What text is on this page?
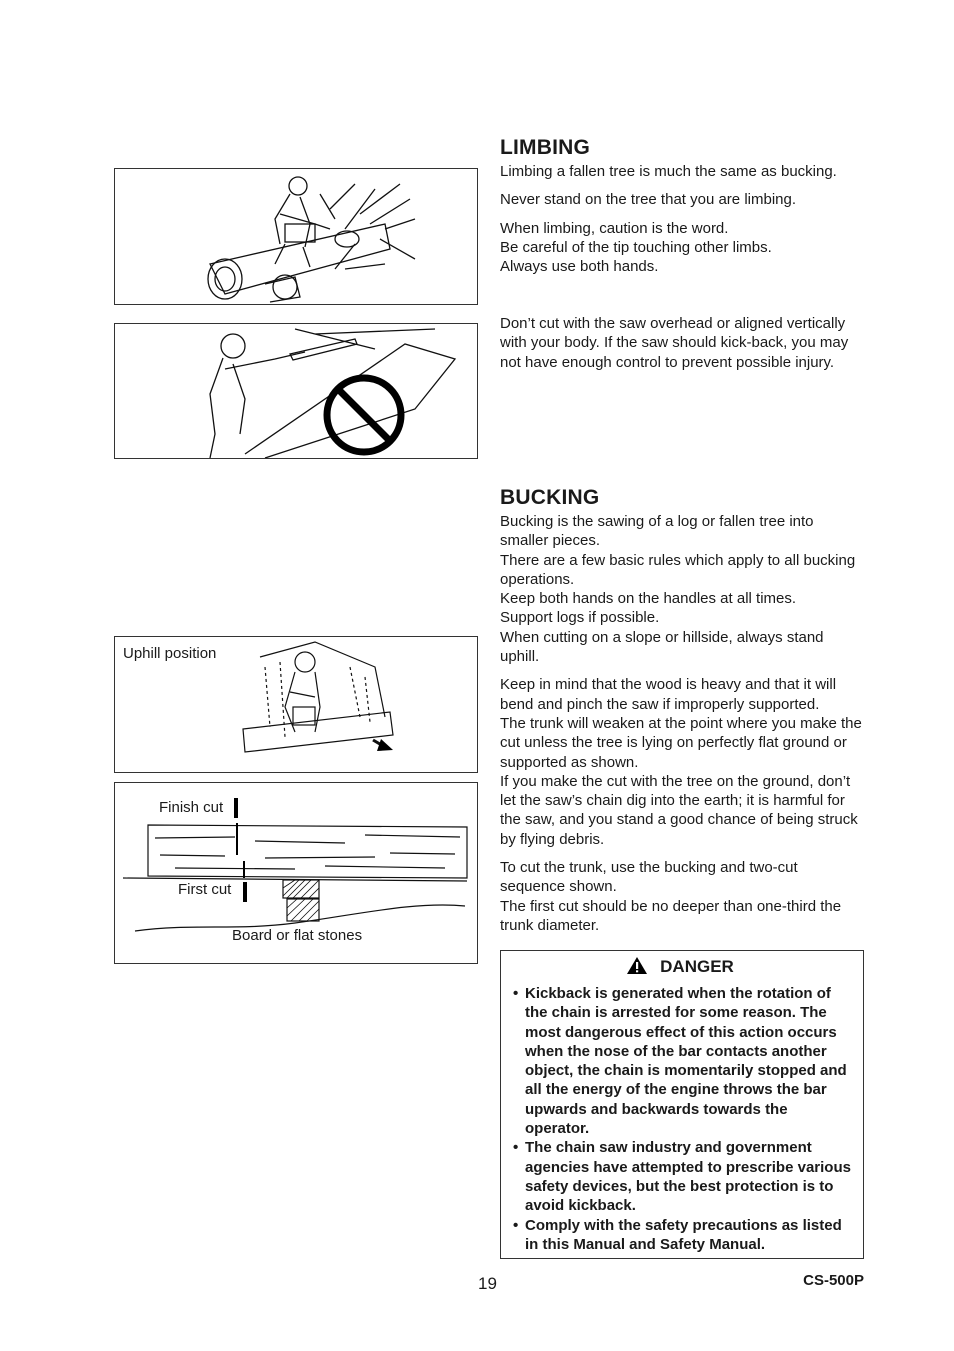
Uphill position
Finish cut
First cut
Board or flat stones
LIMBING

Limbing a fallen tree is much the same as bucking.

Never stand on the tree that you are limbing.

When limbing, caution is the word.

Be careful of the tip touching other limbs.

Always use both hands.

Don’t cut with the saw overhead or aligned vertically with your body. If the saw should kick-back, you may not have enough control to prevent possible injury.

BUCKING

Bucking is the sawing of a log or fallen tree into smaller pieces.

There are a few basic rules which apply to all bucking operations.

Keep both hands on the handles at all times.

Support logs if possible.

When cutting on a slope or hillside, always stand uphill.

Keep in mind that the wood is heavy and that it will bend and pinch the saw if improperly supported.

The trunk will weaken at the point where you make the cut unless the tree is lying on perfectly flat ground or supported as shown.

If you make the cut with the tree on the ground, don’t let the saw’s chain dig into the earth; it is harmful for the saw, and you stand a good chance of being struck by flying debris.

To cut the trunk, use the bucking and two-cut sequence shown.

The first cut should be no deeper than one-third the trunk diameter.

DANGER
• Kickback is generated when the rotation of the chain is arrested for some reason. The most dangerous effect of this action occurs when the nose of the bar contacts another object, the chain is momentarily stopped and all the energy of the engine throws the bar upwards and backwards towards the operator.
• The chain saw industry and government agencies have attempted to prescribe various safety devices, but the best protection is to avoid kickback.
• Comply with the safety precautions as listed in this Manual and Safety Manual.
19	CS-500P
